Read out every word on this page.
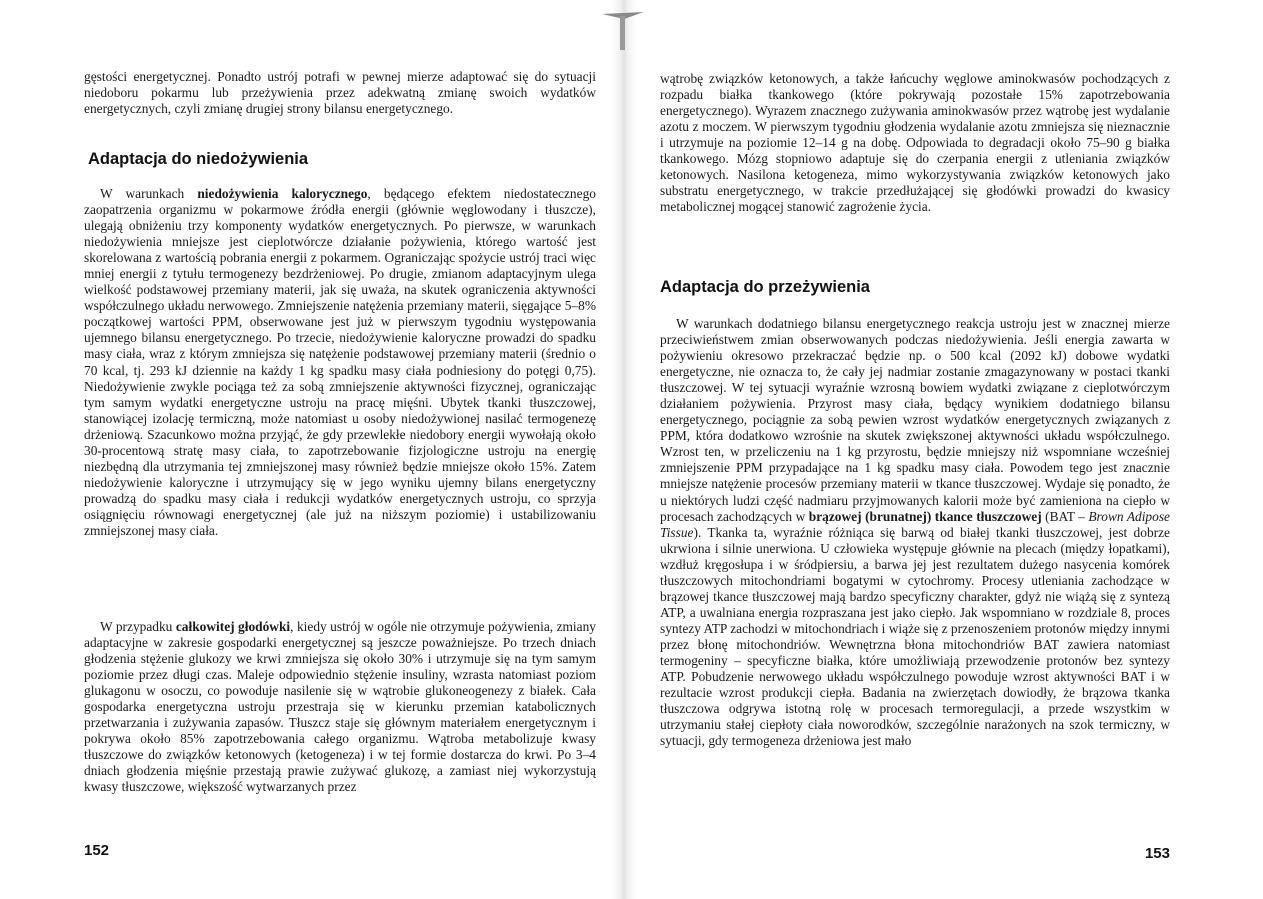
gęstości energetycznej. Ponadto ustrój potrafi w pewnej mierze adaptować się do sytuacji niedoboru pokarmu lub przeżywienia przez adekwatną zmianę swoich wydatków energetycznych, czyli zmianę drugiej strony bilansu energetycznego.

Adaptacja do niedożywienia

W warunkach niedożywienia kalorycznego, będącego efektem niedostatecznego zaopatrzenia organizmu w pokarmowe źródła energii (głównie węglowodany i tłuszcze), ulegają obniżeniu trzy komponenty wydatków energetycznych. Po pierwsze, w warunkach niedożywienia mniejsze jest cieplotwórcze działanie pożywienia, którego wartość jest skorelowana z wartością pobrania energii z pokarmem. Ograniczając spożycie ustrój traci więc mniej energii z tytułu termogenezy bezdrżeniowej. Po drugie, zmianom adaptacyjnym ulega wielkość podstawowej przemiany materii, jak się uważa, na skutek ograniczenia aktywności współczulnego układu nerwowego. Zmniejszenie natężenia przemiany materii, sięgające 5–8% początkowej wartości PPM, obserwowane jest już w pierwszym tygodniu występowania ujemnego bilansu energetycznego. Po trzecie, niedożywienie kaloryczne prowadzi do spadku masy ciała, wraz z którym zmniejsza się natężenie podstawowej przemiany materii (średnio o 70 kcal, tj. 293 kJ dziennie na każdy 1 kg spadku masy ciała podniesiony do potęgi 0,75). Niedożywienie zwykle pociąga też za sobą zmniejszenie aktywności fizycznej, ograniczając tym samym wydatki energetyczne ustroju na pracę mięśni. Ubytek tkanki tłuszczowej, stanowiącej izolację termiczną, może natomiast u osoby niedożywionej nasilać termogenezę drżeniową. Szacunkowo można przyjąć, że gdy przewlekłe niedobory energii wywołają około 30-procentową stratę masy ciała, to zapotrzebowanie fizjologiczne ustroju na energię niezbędną dla utrzymania tej zmniejszonej masy również będzie mniejsze około 15%. Zatem niedożywienie kaloryczne i utrzymujący się w jego wyniku ujemny bilans energetyczny prowadzą do spadku masy ciała i redukcji wydatków energetycznych ustroju, co sprzyja osiągnięciu równowagi energetycznej (ale już na niższym poziomie) i ustabilizowaniu zmniejszonej masy ciała.

W przypadku całkowitej głodówki, kiedy ustrój w ogóle nie otrzymuje pożywienia, zmiany adaptacyjne w zakresie gospodarki energetycznej są jeszcze poważniejsze. Po trzech dniach głodzenia stężenie glukozy we krwi zmniejsza się około 30% i utrzymuje się na tym samym poziomie przez długi czas. Maleje odpowiednio stężenie insuliny, wzrasta natomiast poziom glukagonu w osoczu, co powoduje nasilenie się w wątrobie glukoneogenezy z białek. Cała gospodarka energetyczna ustroju przestraja się w kierunku przemian katabolicznych przetwarzania i zużywania zapasów. Tłuszcz staje się głównym materiałem energetycznym i pokrywa około 85% zapotrzebowania całego organizmu. Wątroba metabolizuje kwasy tłuszczowe do związków ketonowych (ketogeneza) i w tej formie dostarcza do krwi. Po 3–4 dniach głodzenia mięśnie przestają prawie zużywać glukozę, a zamiast niej wykorzystują kwasy tłuszczowe, większość wytwarzanych przez

152

wątrobę związków ketonowych, a także łańcuchy węglowe aminokwasów pochodzących z rozpadu białka tkankowego (które pokrywają pozostałe 15% zapotrzebowania energetycznego). Wyrazem znacznego zużywania aminokwasów przez wątrobę jest wydalanie azotu z moczem. W pierwszym tygodniu głodzenia wydalanie azotu zmniejsza się nieznacznie i utrzymuje na poziomie 12–14 g na dobę. Odpowiada to degradacji około 75–90 g białka tkankowego. Mózg stopniowo adaptuje się do czerpania energii z utleniania związków ketonowych. Nasilona ketogeneza, mimo wykorzystywania związków ketonowych jako substratu energetycznego, w trakcie przedłużającej się głodówki prowadzi do kwasicy metabolicznej mogącej stanowić zagrożenie życia.

Adaptacja do przeżywienia

W warunkach dodatniego bilansu energetycznego reakcja ustroju jest w znacznej mierze przeciwieństwem zmian obserwowanych podczas niedożywienia. Jeśli energia zawarta w pożywieniu okresowo przekraczać będzie np. o 500 kcal (2092 kJ) dobowe wydatki energetyczne, nie oznacza to, że cały jej nadmiar zostanie zmagazynowany w postaci tkanki tłuszczowej. W tej sytuacji wyraźnie wzrosną bowiem wydatki związane z cieplotwórczym działaniem pożywienia. Przyrost masy ciała, będący wynikiem dodatniego bilansu energetycznego, pociągnie za sobą pewien wzrost wydatków energetycznych związanych z PPM, która dodatkowo wzrośnie na skutek zwiększonej aktywności układu współczulnego. Wzrost ten, w przeliczeniu na 1 kg przyrostu, będzie mniejszy niż wspomniane wcześniej zmniejszenie PPM przypadające na 1 kg spadku masy ciała. Powodem tego jest znacznie mniejsze natężenie procesów przemiany materii w tkance tłuszczowej. Wydaje się ponadto, że u niektórych ludzi część nadmiaru przyjmowanych kalorii może być zamieniona na ciepło w procesach zachodzących w brązowej (brunatnej) tkance tłuszczowej (BAT – Brown Adipose Tissue). Tkanka ta, wyraźnie różniąca się barwą od białej tkanki tłuszczowej, jest dobrze ukrwiona i silnie unerwiona. U człowieka występuje głównie na plecach (między łopatkami), wzdłuż kręgosłupa i w śródpiersiu, a barwa jej jest rezultatem dużego nasycenia komórek tłuszczowych mitochondriami bogatymi w cytochromy. Procesy utleniania zachodzące w brązowej tkance tłuszczowej mają bardzo specyficzny charakter, gdyż nie wiążą się z syntezą ATP, a uwalniana energia rozpraszana jest jako ciepło. Jak wspomniano w rozdziale 8, proces syntezy ATP zachodzi w mitochondriach i wiąże się z przenoszeniem protonów między innymi przez błonę mitochondriów. Wewnętrzna błona mitochondriów BAT zawiera natomiast termogeniny – specyficzne białka, które umożliwiają przewodzenie protonów bez syntezy ATP. Pobudzenie nerwowego układu współczulnego powoduje wzrost aktywności BAT i w rezultacie wzrost produkcji ciepła. Badania na zwierzętach dowiodły, że brązowa tkanka tłuszczowa odgrywa istotną rolę w procesach termoregulacji, a przede wszystkim w utrzymaniu stałej ciepłoty ciała noworodków, szczególnie narażonych na szok termiczny, w sytuacji, gdy termogeneza drżeniowa jest mało

153
